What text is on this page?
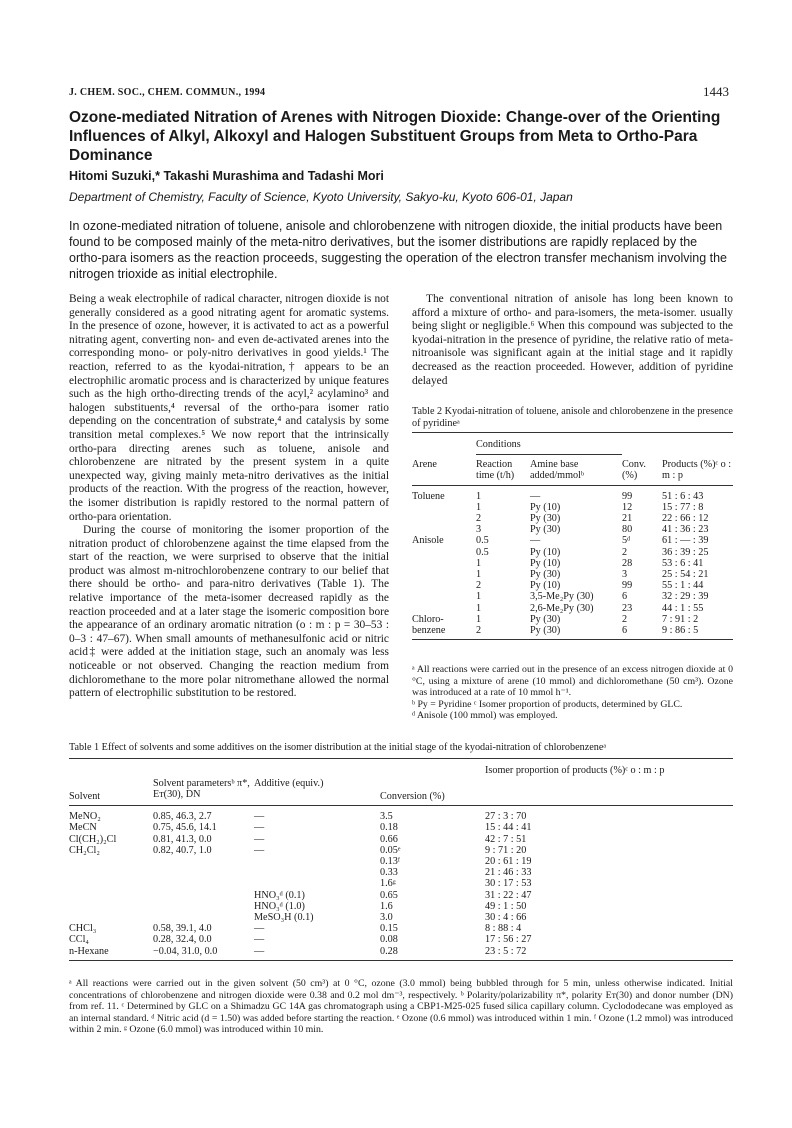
J. CHEM. SOC., CHEM. COMMUN., 1994	1443
Ozone-mediated Nitration of Arenes with Nitrogen Dioxide: Change-over of the Orienting Influences of Alkyl, Alkoxyl and Halogen Substituent Groups from Meta to Ortho-Para Dominance
Hitomi Suzuki,* Takashi Murashima and Tadashi Mori
Department of Chemistry, Faculty of Science, Kyoto University, Sakyo-ku, Kyoto 606-01, Japan
In ozone-mediated nitration of toluene, anisole and chlorobenzene with nitrogen dioxide, the initial products have been found to be composed mainly of the meta-nitro derivatives, but the isomer distributions are rapidly replaced by the ortho-para isomers as the reaction proceeds, suggesting the operation of the electron transfer mechanism involving the nitrogen trioxide as initial electrophile.

Being a weak electrophile of radical character, nitrogen dioxide is not generally considered as a good nitrating agent for aromatic systems. In the presence of ozone, however, it is activated to act as a powerful nitrating agent, converting non- and even de-activated arenes into the corresponding mono- or poly-nitro derivatives in good yields.¹ The reaction, referred to as the kyodai-nitration,† appears to be an electrophilic aromatic process and is characterized by unique features such as the high ortho-directing trends of the acyl,² acylamino³ and halogen substituents,⁴ reversal of the ortho-para isomer ratio depending on the concentration of substrate,⁴ and catalysis by some transition metal complexes.⁵ We now report that the intrinsically ortho-para directing arenes such as toluene, anisole and chlorobenzene are nitrated by the present system in a quite unexpected way, giving mainly meta-nitro derivatives as the initial products of the reaction. With the progress of the reaction, however, the isomer distribution is rapidly restored to the normal pattern of ortho-para orientation.

During the course of monitoring the isomer proportion of the nitration product of chlorobenzene against the time elapsed from the start of the reaction, we were surprised to observe that the initial product was almost m-nitrochlorobenzene contrary to our belief that there should be ortho- and para-nitro derivatives (Table 1). The relative importance of the meta-isomer decreased rapidly as the reaction proceeded and at a later stage the isomeric composition bore the appearance of an ordinary aromatic nitration (o : m : p = 30–53 : 0–3 : 47–67). When small amounts of methanesulfonic acid or nitric acid‡ were added at the initiation stage, such an anomaly was less noticeable or not observed. Changing the reaction medium from dichloromethane to the more polar nitromethane allowed the normal pattern of electrophilic substitution to be restored.

The conventional nitration of anisole has long been known to afford a mixture of ortho- and para-isomers, the meta-isomer. usually being slight or negligible.⁶ When this compound was subjected to the kyodai-nitration in the presence of pyridine, the relative ratio of meta-nitroanisole was significant again at the initial stage and it rapidly decreased as the reaction proceeded. However, addition of pyridine delayed

Table 2 Kyodai-nitration of toluene, anisole and chlorobenzene in the presence of pyridineᵃ
	Conditions			
Arene	Reaction time (t/h)	Amine base added/mmolᵇ	Conv. (%)	Products (%)ᶜ o : m : p
Toluene	1	—	99	51 : 6 : 43
	1	Py (10)	12	15 : 77 : 8
	2	Py (30)	21	22 : 66 : 12
	3	Py (30)	80	41 : 36 : 23
Anisole	0.5	—	5ᵈ	61 : — : 39
	0.5	Py (10)	2	36 : 39 : 25
	1	Py (10)	28	53 : 6 : 41
	1	Py (30)	3	25 : 54 : 21
	2	Py (10)	99	55 : 1 : 44
	1	3,5-Me₂Py (30)	6	32 : 29 : 39
	1	2,6-Me₂Py (30)	23	44 : 1 : 55
Chloro-	1	Py (30)	2	7 : 91 : 2
benzene	2	Py (30)	6	9 : 86 : 5
ᵃ All reactions were carried out in the presence of an excess nitrogen dioxide at 0 °C, using a mixture of arene (10 mmol) and dichloromethane (50 cm³). Ozone was introduced at a rate of 10 mmol h⁻¹.
ᵇ Py = Pyridine ᶜ Isomer proportion of products, determined by GLC.
ᵈ Anisole (100 mmol) was employed.
Table 1 Effect of solvents and some additives on the isomer distribution at the initial stage of the kyodai-nitration of chlorobenzeneᵃ
Solvent	Solvent parametersᵇ π*, Eᴛ(30), DN	Additive (equiv.)	Conversion (%)	Isomer proportion of products (%)ᶜ o : m : p
MeNO₂	0.85, 46.3, 2.7	—	3.5	27 : 3 : 70
MeCN	0.75, 45.6, 14.1	—	0.18	15 : 44 : 41
Cl(CH₂)₂Cl	0.81, 41.3, 0.0	—	0.66	42 : 7 : 51
CH₂Cl₂	0.82, 40.7, 1.0	—	0.05ᵉ	9 : 71 : 20
			0.13ᶠ	20 : 61 : 19
			0.33	21 : 46 : 33
			1.6ᵍ	30 : 17 : 53
		HNO₃ᵈ (0.1)	0.65	31 : 22 : 47
		HNO₃ᵈ (1.0)	1.6	49 : 1 : 50
		MeSO₃H (0.1)	3.0	30 : 4 : 66
CHCl₃	0.58, 39.1, 4.0	—	0.15	8 : 88 : 4
CCl₄	0.28, 32.4, 0.0	—	0.08	17 : 56 : 27
n-Hexane	−0.04, 31.0, 0.0	—	0.28	23 : 5 : 72
ᵃ All reactions were carried out in the given solvent (50 cm³) at 0 °C, ozone (3.0 mmol) being bubbled through for 5 min, unless otherwise indicated. Initial concentrations of chlorobenzene and nitrogen dioxide were 0.38 and 0.2 mol dm⁻³, respectively. ᵇ Polarity/polarizability π*, polarity Eᴛ(30) and donor number (DN) from ref. 11. ᶜ Determined by GLC on a Shimadzu GC 14A gas chromatograph using a CBP1-M25-025 fused silica capillary column. Cyclododecane was employed as an internal standard. ᵈ Nitric acid (d = 1.50) was added before starting the reaction. ᵉ Ozone (0.6 mmol) was introduced within 1 min. ᶠ Ozone (1.2 mmol) was introduced within 2 min. ᵍ Ozone (6.0 mmol) was introduced within 10 min.
